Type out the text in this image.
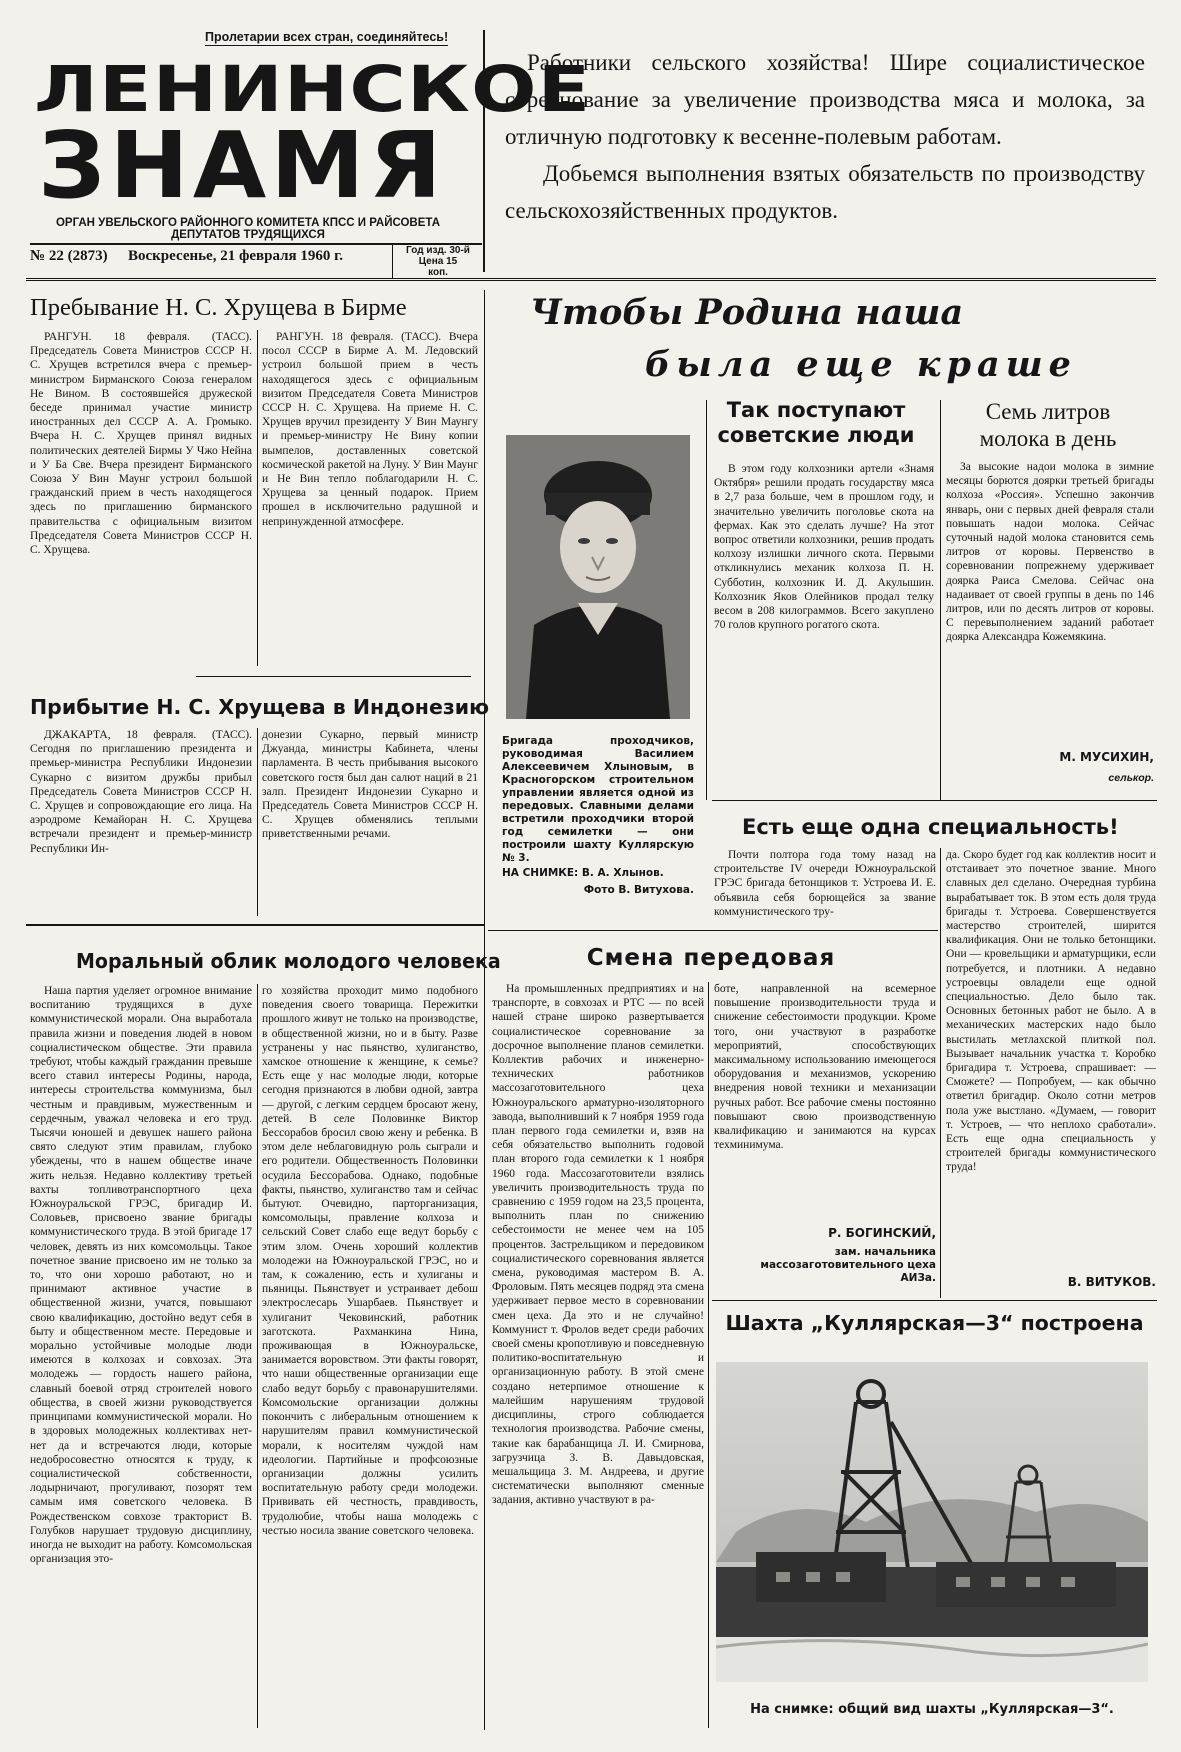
Пролетарии всех стран, соединяйтесь!
ЛЕНИНСКОЕ
ЗНАМЯ
ОРГАН УВЕЛЬСКОГО РАЙОННОГО КОМИТЕТА КПСС И РАЙСОВЕТА ДЕПУТАТОВ ТРУДЯЩИХСЯ
№ 22 (2873) Воскресенье, 21 февраля 1960 г.	Год изд. 30-й
Цена 15 коп.

Работники сельского хозяйства! Шире социалистическое соревнование за увеличение производства мяса и молока, за отличную подготовку к весенне-полевым работам.

Добьемся выполнения взятых обязательств по производству сельскохозяйственных продуктов.

Пребывание Н. С. Хрущева в Бирме
РАНГУН. 18 февраля. (ТАСС). Председатель Совета Министров СССР Н. С. Хрущев встретился вчера с премьер-министром Бирманского Союза генералом Не Вином. В состоявшейся дружеской беседе принимал участие министр иностранных дел СССР А. А. Громыко. Вчера Н. С. Хрущев принял видных политических деятелей Бирмы У Чжо Нейна и У Ба Све. Вчера президент Бирманского Союза У Вин Маунг устроил большой гражданский прием в честь находящегося здесь по приглашению бирманского правительства с официальным визитом Председателя Совета Министров СССР Н. С. Хрущева.
РАНГУН. 18 февраля. (ТАСС). Вчера посол СССР в Бирме А. М. Ледовский устроил большой прием в честь находящегося здесь с официальным визитом Председателя Совета Министров СССР Н. С. Хрущева. На приеме Н. С. Хрущев вручил президенту У Вин Маунгу и премьер-министру Не Вину копии вымпелов, доставленных советской космической ракетой на Луну. У Вин Маунг и Не Вин тепло поблагодарили Н. С. Хрущева за ценный подарок. Прием прошел в исключительно радушной и непринужденной атмосфере.
Прибытие Н. С. Хрущева в Индонезию
ДЖАКАРТА, 18 февраля. (ТАСС). Сегодня по приглашению президента и премьер-министра Республики Индонезии Сукарно с визитом дружбы прибыл Председатель Совета Министров СССР Н. С. Хрущев и сопровождающие его лица. На аэродроме Кемайоран Н. С. Хрущева встречали президент и премьер-министр Республики Ин-
донезии Сукарно, первый министр Джуанда, министры Кабинета, члены парламента. В честь прибывания высокого советского гостя был дан салют наций в 21 залп. Президент Индонезии Сукарно и Председатель Совета Министров СССР Н. С. Хрущев обменялись теплыми приветственными речами.
Моральный облик молодого человека
Наша партия уделяет огромное внимание воспитанию трудящихся в духе коммунистической морали. Она выработала правила жизни и поведения людей в новом социалистическом обществе. Эти правила требуют, чтобы каждый гражданин превыше всего ставил интересы Родины, народа, интересы строительства коммунизма, был честным и правдивым, мужественным и сердечным, уважал человека и его труд. Тысячи юношей и девушек нашего района свято следуют этим правилам, глубоко убеждены, что в нашем обществе иначе жить нельзя. Недавно коллективу третьей вахты топливотранспортного цеха Южноуральской ГРЭС, бригадир И. Соловьев, присвоено звание бригады коммунистического труда. В этой бригаде 17 человек, девять из них комсомольцы. Такое почетное звание присвоено им не только за то, что они хорошо работают, но и принимают активное участие в общественной жизни, учатся, повышают свою квалификацию, достойно ведут себя в быту и общественном месте. Передовые и морально устойчивые молодые люди имеются в колхозах и совхозах. Эта молодежь — гордость нашего района, славный боевой отряд строителей нового общества, в своей жизни руководствуется принципами коммунистической морали. Но в здоровых молодежных коллективах нет-нет да и встречаются люди, которые недобросовестно относятся к труду, к социалистической собственности, лодырничают, прогуливают, позорят тем самым имя советского человека. В Рождественском совхозе тракторист В. Голубков нарушает трудовую дисциплину, иногда не выходит на работу. Комсомольская организация это-
го хозяйства проходит мимо подобного поведения своего товарища. Пережитки прошлого живут не только на производстве, в общественной жизни, но и в быту. Разве устранены у нас пьянство, хулиганство, хамское отношение к женщине, к семье? Есть еще у нас молодые люди, которые сегодня признаются в любви одной, завтра — другой, с легким сердцем бросают жену, детей. В селе Половинке Виктор Бессорабов бросил свою жену и ребенка. В этом деле неблаговидную роль сыграли и его родители. Общественность Половинки осудила Бессорабова. Однако, подобные факты, пьянство, хулиганство там и сейчас бытуют. Очевидно, парторганизация, комсомольцы, правление колхоза и сельский Совет слабо еще ведут борьбу с этим злом. Очень хороший коллектив молодежи на Южноуральской ГРЭС, но и там, к сожалению, есть и хулиганы и пьяницы. Пьянствует и устраивает дебош электрослесарь Ушарбаев. Пьянствует и хулиганит Чековинский, работник заготскота. Рахманкина Нина, проживающая в Южноуральске, занимается воровством. Эти факты говорят, что наши общественные организации еще слабо ведут борьбу с правонарушителями. Комсомольские организации должны покончить с либеральным отношением к нарушителям правил коммунистической морали, к носителям чуждой нам идеологии. Партийные и профсоюзные организации должны усилить воспитательную работу среди молодежи. Прививать ей честность, правдивость, трудолюбие, чтобы наша молодежь с честью носила звание советского человека.
Чтобы Родина наша
была еще краше
Бригада проходчиков, руководимая Василием Алексеевичем Хлыновым, в Красногорском строительном управлении является одной из передовых. Славными делами встретили проходчики второй год семилетки — они построили шахту Куллярскую № 3.
НА СНИМКЕ: В. А. Хлынов.
Фото В. Витухова.
Так поступают советские люди
В этом году колхозники артели «Знамя Октября» решили продать государству мяса в 2,7 раза больше, чем в прошлом году, и значительно увеличить поголовье скота на фермах. Как это сделать лучше? На этот вопрос ответили колхозники, решив продать колхозу излишки личного скота. Первыми откликнулись механик колхоза П. Н. Субботин, колхозник И. Д. Акулышин. Колхозник Яков Олейников продал телку весом в 208 килограммов. Всего закуплено 70 голов крупного рогатого скота.
Семь литров молока в день
За высокие надои молока в зимние месяцы борются доярки третьей бригады колхоза «Россия». Успешно закончив январь, они с первых дней февраля стали повышать надои молока. Сейчас суточный надой молока становится семь литров от коровы. Первенство в соревновании попрежнему удерживает доярка Раиса Смелова. Сейчас она надаивает от своей группы в день по 146 литров, или по десять литров от коровы. С перевыполнением заданий работает доярка Александра Кожемякина.
М. МУСИХИН,
селькор.
Есть еще одна специальность!
Почти полтора года тому назад на строительстве IV очереди Южноуральской ГРЭС бригада бетонщиков т. Устроева И. Е. объявила себя борющейся за звание коммунистического тру-
да. Скоро будет год как коллектив носит и отстаивает это почетное звание. Много славных дел сделано. Очередная турбина вырабатывает ток. В этом есть доля труда бригады т. Устроева. Совершенствуется мастерство строителей, ширится квалификация. Они не только бетонщики. Они — кровельщики и арматурщики, если потребуется, и плотники. А недавно устроевцы овладели еще одной специальностью. Дело было так. Основных бетонных работ не было. А в механических мастерских надо было выстилать метлахской плиткой пол. Вызывает начальник участка т. Коробко бригадира т. Устроева, спрашивает: — Сможете? — Попробуем, — как обычно ответил бригадир. Около сотни метров пола уже выстлано. «Думаем, — говорит т. Устроев, — что неплохо сработали». Есть еще одна специальность у строителей бригады коммунистического труда!
В. ВИТУКОВ.
Смена передовая
На промышленных предприятиях и на транспорте, в совхозах и РТС — по всей нашей стране широко развертывается социалистическое соревнование за досрочное выполнение планов семилетки. Коллектив рабочих и инженерно-технических работников массозаготовительного цеха Южноуральского арматурно-изоляторного завода, выполнивший к 7 ноября 1959 года план первого года семилетки и, взяв на себя обязательство выполнить годовой план второго года семилетки к 1 ноября 1960 года. Массозаготовители взялись увеличить производительность труда по сравнению с 1959 годом на 23,5 процента, выполнить план по снижению себестоимости не менее чем на 105 процентов. Застрельщиком и передовиком социалистического соревнования является смена, руководимая мастером В. А. Фроловым. Пять месяцев подряд эта смена удерживает первое место в соревновании смен цеха. Да это и не случайно! Коммунист т. Фролов ведет среди рабочих своей смены кропотливую и повседневную политико-воспитательную и организационную работу. В этой смене создано нетерпимое отношение к малейшим нарушениям трудовой дисциплины, строго соблюдается технология производства. Рабочие смены, такие как барабанщица Л. И. Смирнова, загрузчица З. В. Давыдовская, мешальщица З. М. Андреева, и другие систематически выполняют сменные задания, активно участвуют в ра-
боте, направленной на всемерное повышение производительности труда и снижение себестоимости продукции. Кроме того, они участвуют в разработке мероприятий, способствующих максимальному использованию имеющегося оборудования и механизмов, ускорению внедрения новой техники и механизации ручных работ. Все рабочие смены постоянно повышают свою производственную квалификацию и занимаются на курсах техминимума.
Р. БОГИНСКИЙ,
зам. начальника массозаготовительного цеха АИЗа.
Шахта „Куллярская—3“ построена
На снимке: общий вид шахты „Куллярская—3“.
